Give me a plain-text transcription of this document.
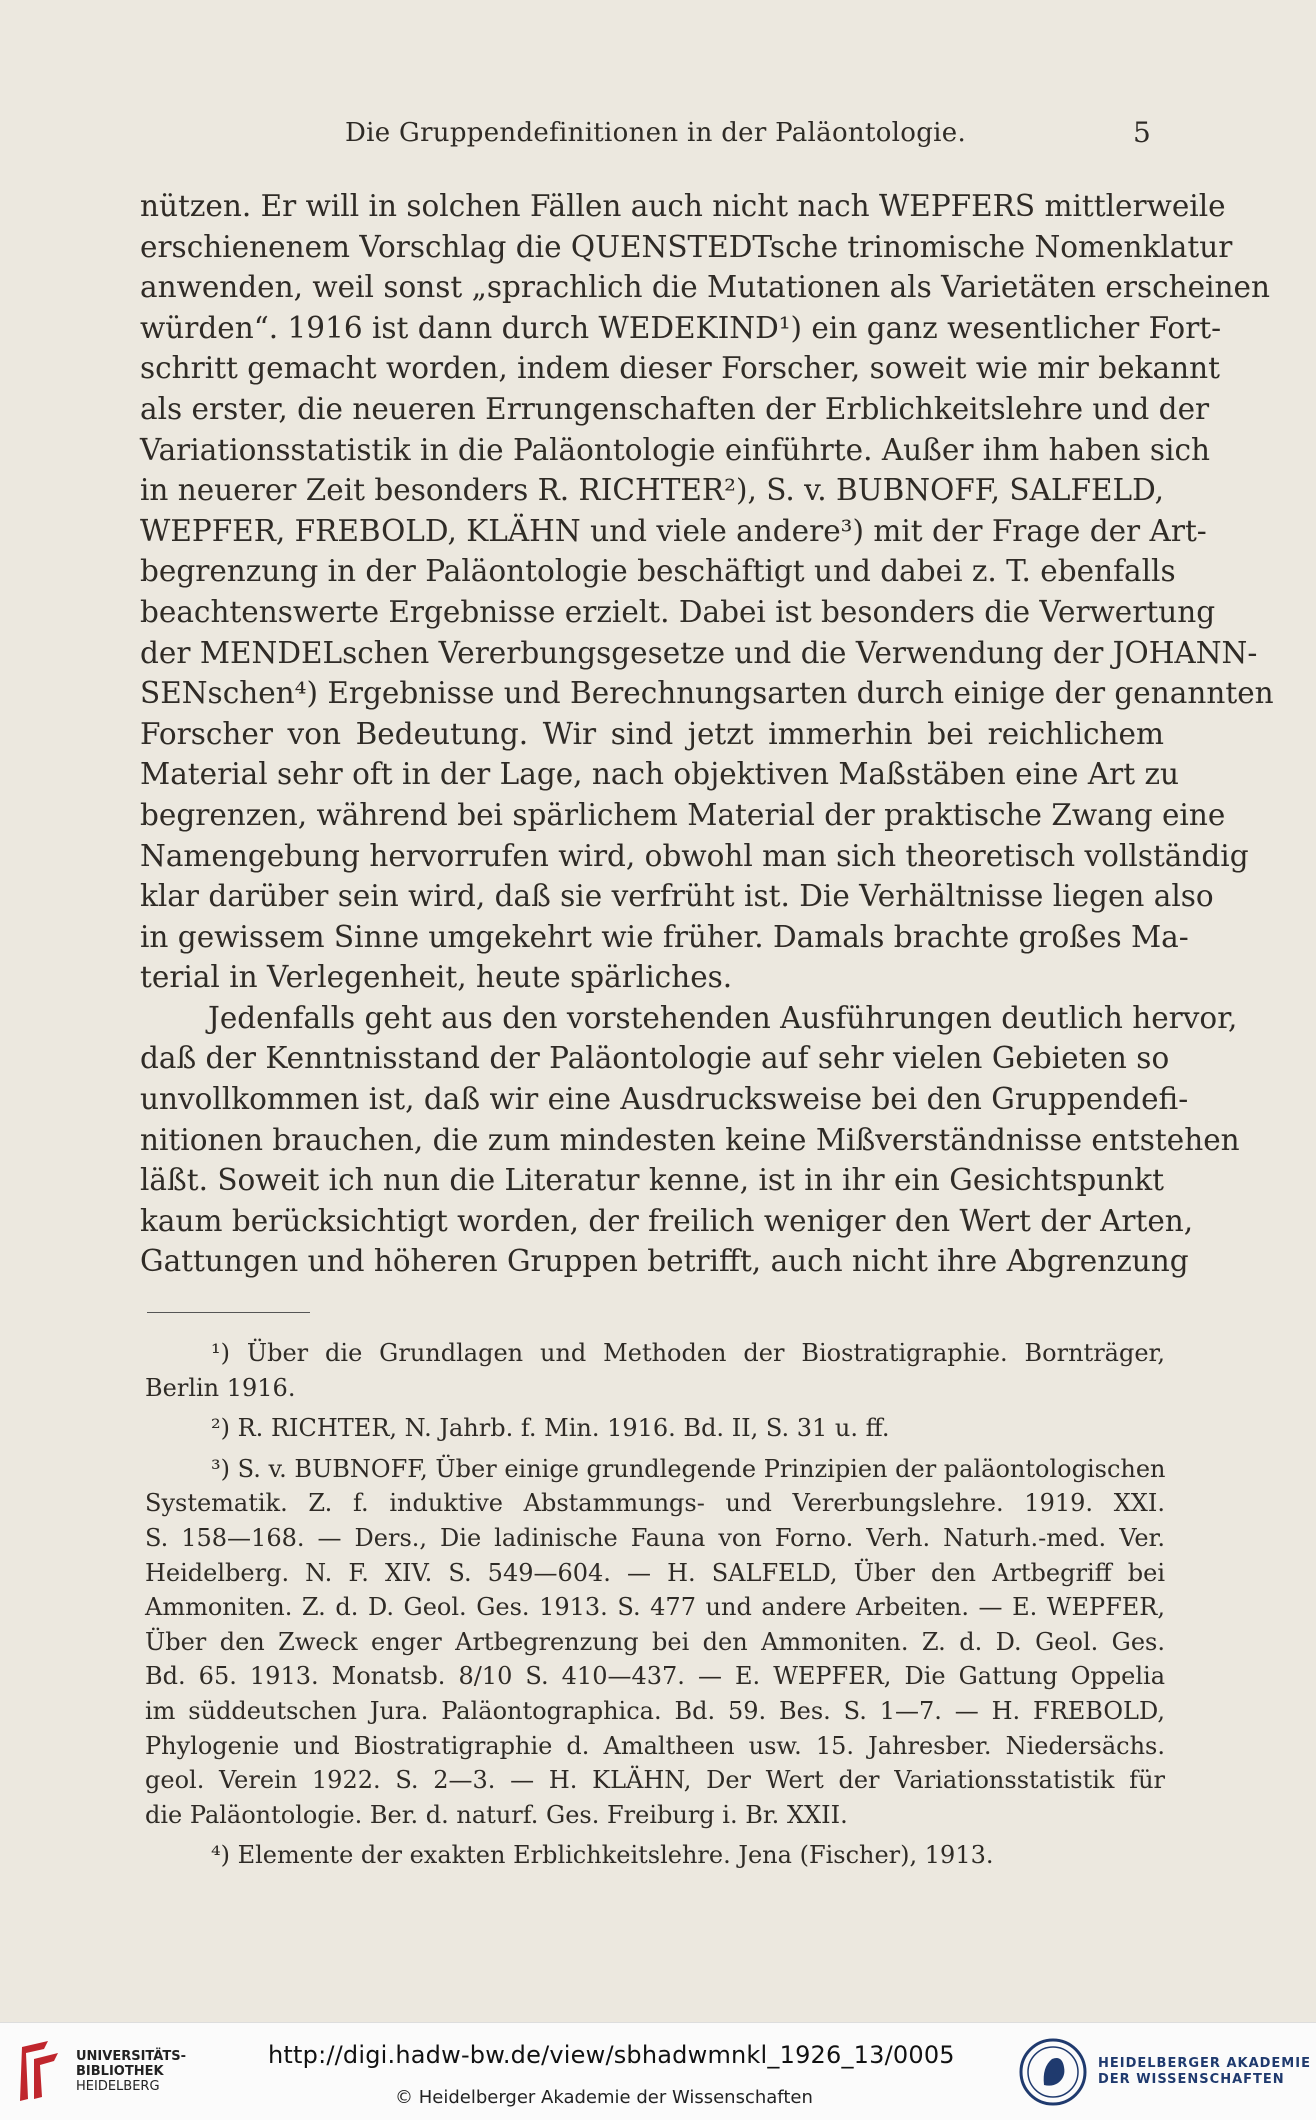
Die Gruppendefinitionen in der Paläontologie.	5
nützen. Er will in solchen Fällen auch nicht nach WEPFERS mittlerweile
erschienenem Vorschlag die QUENSTEDTsche trinomische Nomenklatur
anwenden, weil sonst „sprachlich die Mutationen als Varietäten erscheinen
würden“. 1916 ist dann durch WEDEKIND¹) ein ganz wesentlicher Fort-
schritt gemacht worden, indem dieser Forscher, soweit wie mir bekannt
als erster, die neueren Errungenschaften der Erblichkeitslehre und der
Variationsstatistik in die Paläontologie einführte. Außer ihm haben sich
in neuerer Zeit besonders R. RICHTER²), S. v. BUBNOFF, SALFELD,
WEPFER, FREBOLD, KLÄHN und viele andere³) mit der Frage der Art-
begrenzung in der Paläontologie beschäftigt und dabei z. T. ebenfalls
beachtenswerte Ergebnisse erzielt. Dabei ist besonders die Verwertung
der MENDELschen Vererbungsgesetze und die Verwendung der JOHANN-
SENschen⁴) Ergebnisse und Berechnungsarten durch einige der genannten
Forscher von Bedeutung. Wir sind jetzt immerhin bei reichlichem
Material sehr oft in der Lage, nach objektiven Maßstäben eine Art zu
begrenzen, während bei spärlichem Material der praktische Zwang eine
Namengebung hervorrufen wird, obwohl man sich theoretisch vollständig
klar darüber sein wird, daß sie verfrüht ist. Die Verhältnisse liegen also
in gewissem Sinne umgekehrt wie früher. Damals brachte großes Ma-
terial in Verlegenheit, heute spärliches.
Jedenfalls geht aus den vorstehenden Ausführungen deutlich hervor,
daß der Kenntnisstand der Paläontologie auf sehr vielen Gebieten so
unvollkommen ist, daß wir eine Ausdrucksweise bei den Gruppendefi-
nitionen brauchen, die zum mindesten keine Mißverständnisse entstehen
läßt. Soweit ich nun die Literatur kenne, ist in ihr ein Gesichtspunkt
kaum berücksichtigt worden, der freilich weniger den Wert der Arten,
Gattungen und höheren Gruppen betrifft, auch nicht ihre Abgrenzung
¹) Über die Grundlagen und Methoden der Biostratigraphie. Bornträger,
Berlin 1916.
²) R. RICHTER, N. Jahrb. f. Min. 1916. Bd. II, S. 31 u. ff.
³) S. v. BUBNOFF, Über einige grundlegende Prinzipien der paläontologischen
Systematik. Z. f. induktive Abstammungs- und Vererbungslehre. 1919. XXI.
S. 158—168. — Ders., Die ladinische Fauna von Forno. Verh. Naturh.-med. Ver.
Heidelberg. N. F. XIV. S. 549—604. — H. SALFELD, Über den Artbegriff bei
Ammoniten. Z. d. D. Geol. Ges. 1913. S. 477 und andere Arbeiten. — E. WEPFER,
Über den Zweck enger Artbegrenzung bei den Ammoniten. Z. d. D. Geol. Ges.
Bd. 65. 1913. Monatsb. 8/10 S. 410—437. — E. WEPFER, Die Gattung Oppelia
im süddeutschen Jura. Paläontographica. Bd. 59. Bes. S. 1—7. — H. FREBOLD,
Phylogenie und Biostratigraphie d. Amaltheen usw. 15. Jahresber. Niedersächs.
geol. Verein 1922. S. 2—3. — H. KLÄHN, Der Wert der Variationsstatistik für
die Paläontologie. Ber. d. naturf. Ges. Freiburg i. Br. XXII.
⁴) Elemente der exakten Erblichkeitslehre. Jena (Fischer), 1913.
UNIVERSITÄTS-
BIBLIOTHEK
HEIDELBERG
http://digi.hadw-bw.de/view/sbhadwmnkl_1926_13/0005
© Heidelberger Akademie der Wissenschaften
HEIDELBERGER AKADEMIE
DER WISSENSCHAFTEN
